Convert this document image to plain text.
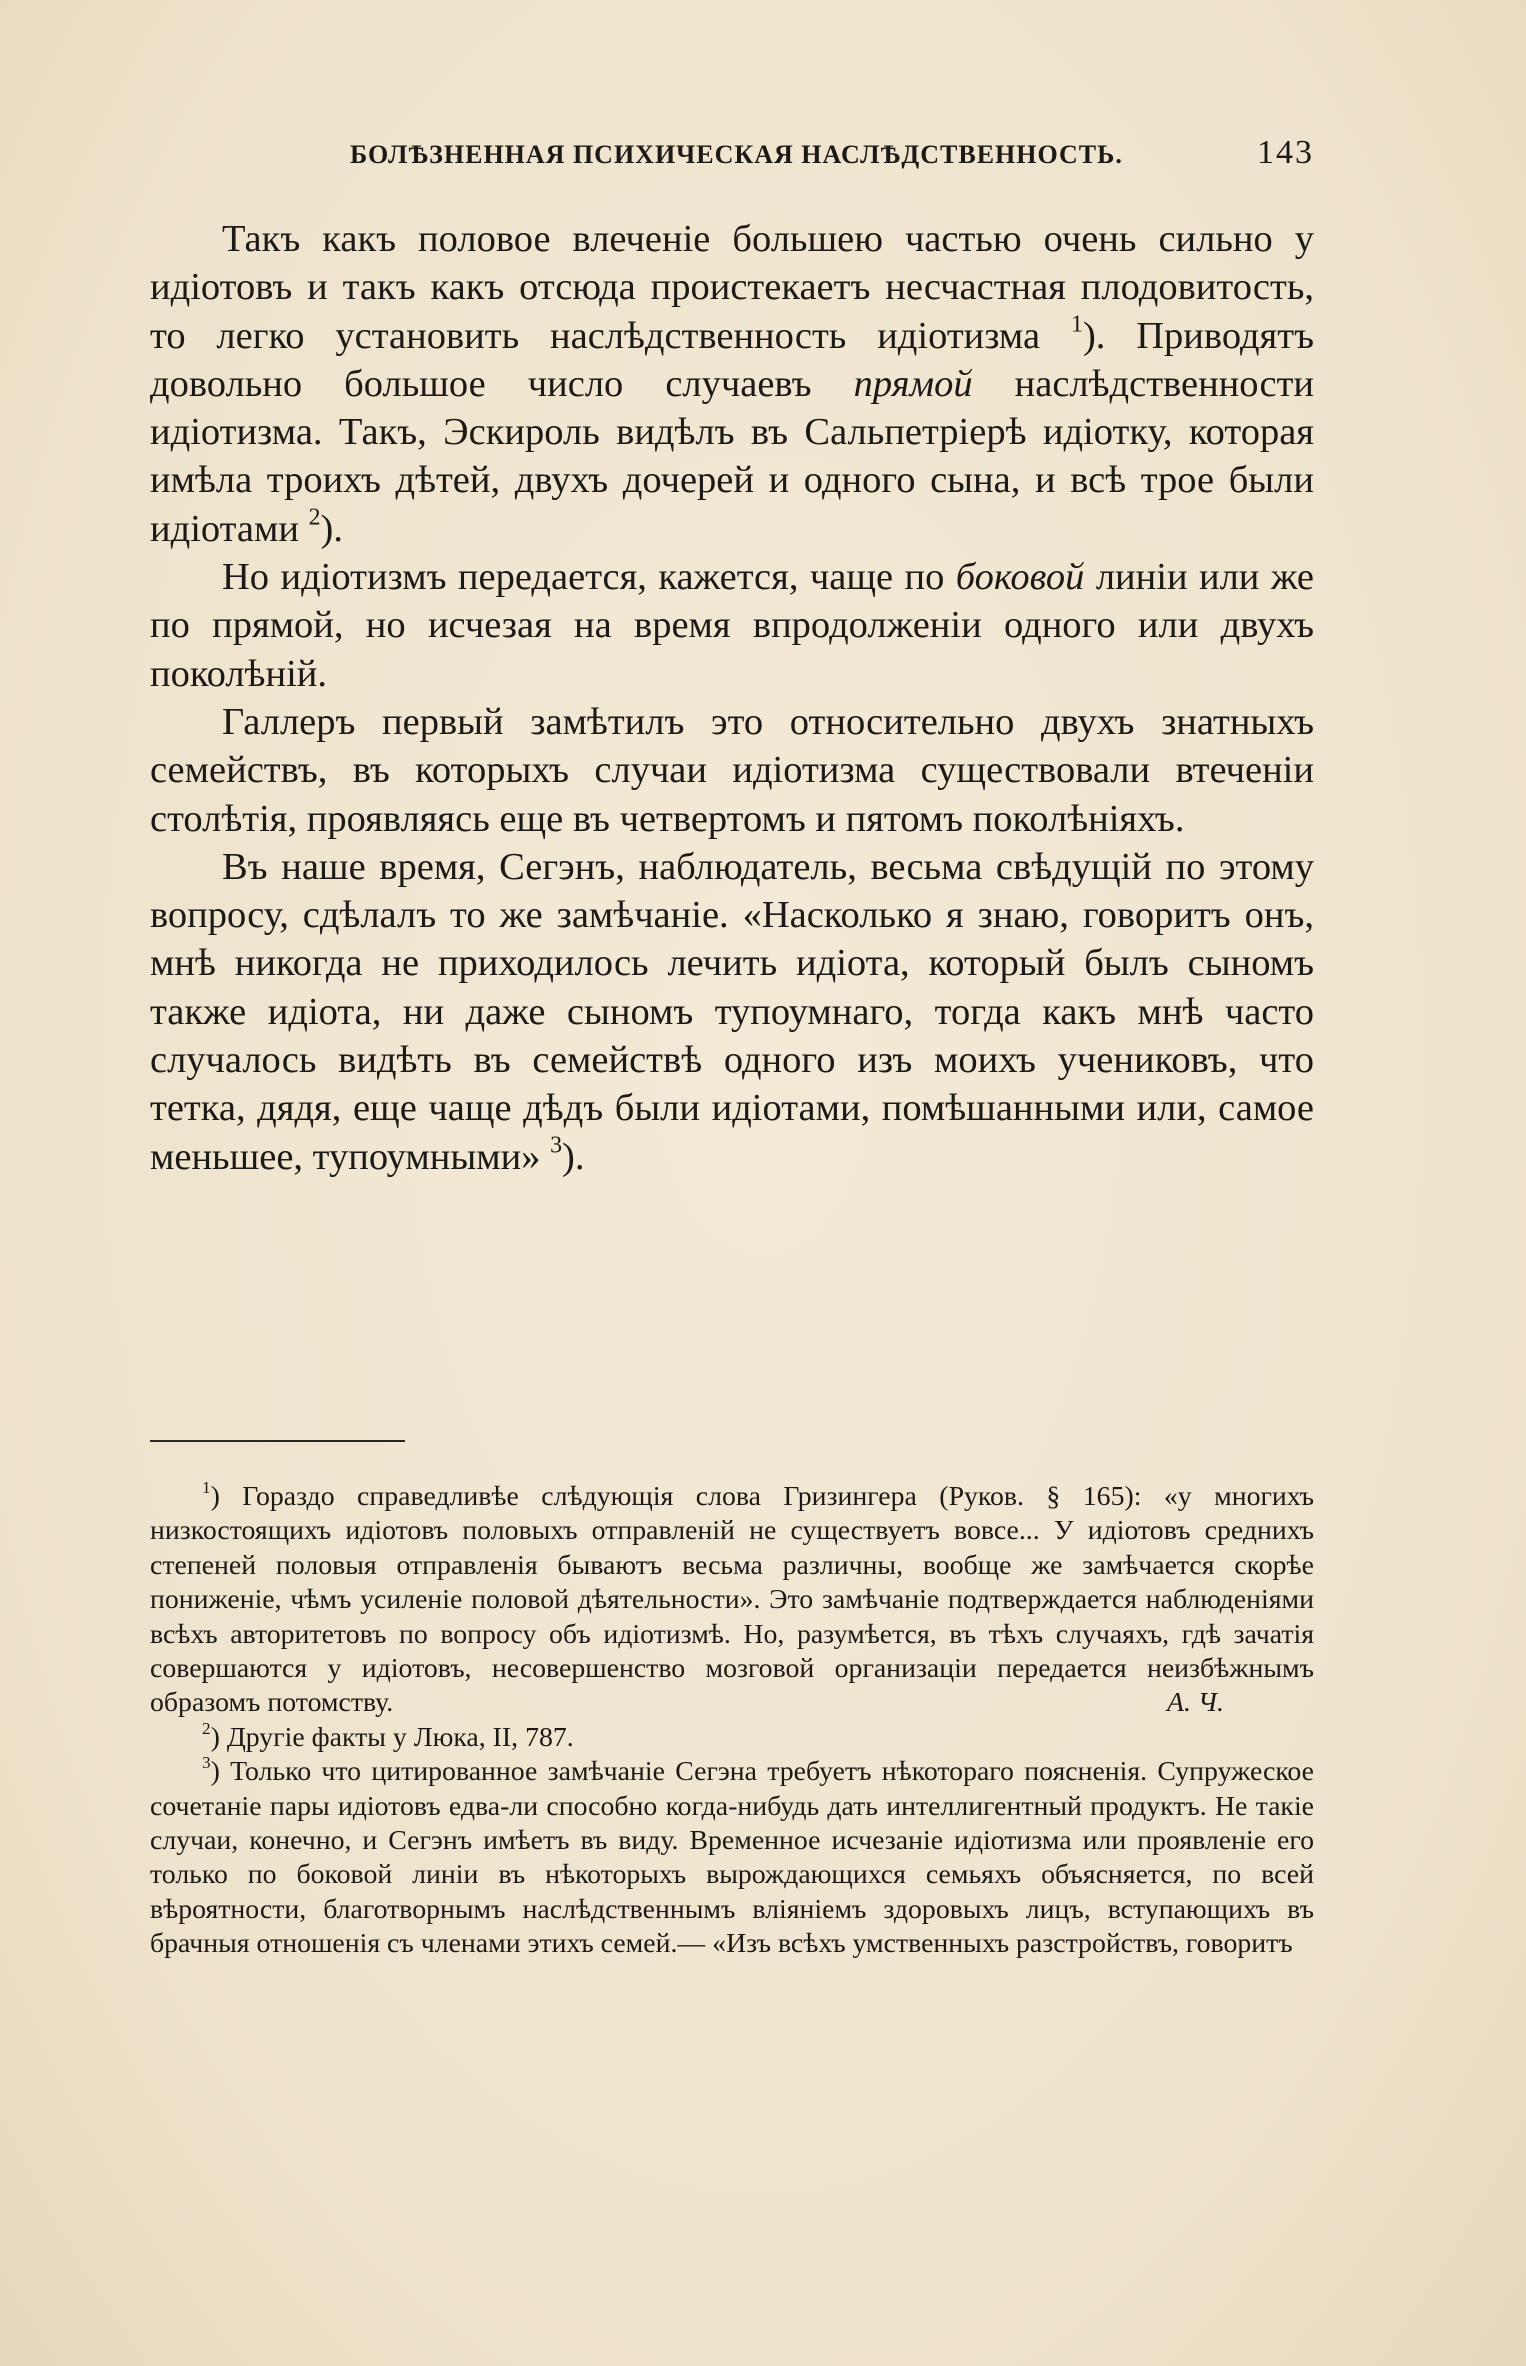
БОЛѢЗНЕННАЯ ПСИХИЧЕСКАЯ НАСЛѢДСТВЕННОСТЬ.	143

Такъ какъ половое влеченіе большею частью очень сильно у идіотовъ и такъ какъ отсюда проистекаетъ несчастная плодовитость, то легко установить наслѣдственность идіотизма $^1$). Приводятъ довольно большое число случаевъ прямой наслѣдственности идіотизма. Такъ, Эскироль видѣлъ въ Сальпетріерѣ идіотку, которая имѣла троихъ дѣтей, двухъ дочерей и одного сына, и всѣ трое были идіотами $^2$).

Но идіотизмъ передается, кажется, чаще по боковой линіи или же по прямой, но исчезая на время впродолженіи одного или двухъ поколѣній.

Галлеръ первый замѣтилъ это относительно двухъ знатныхъ семействъ, въ которыхъ случаи идіотизма существовали втеченіи столѣтія, проявляясь еще въ четвертомъ и пятомъ поколѣніяхъ.

Въ наше время, Сегэнъ, наблюдатель, весьма свѣдущій по этому вопросу, сдѣлалъ то же замѣчаніе. «Насколько я знаю, говоритъ онъ, мнѣ никогда не приходилось лечить идіота, который былъ сыномъ также идіота, ни даже сыномъ тупоумнаго, тогда какъ мнѣ часто случалось видѣть въ семействѣ одного изъ моихъ учениковъ, что тетка, дядя, еще чаще дѣдъ были идіотами, помѣшанными или, самое меньшее, тупоумными» $^3$).

$^1$) Гораздо справедливѣе слѣдующія слова Гризингера (Руков. § 165): «у многихъ низкостоящихъ идіотовъ половыхъ отправленій не существуетъ вовсе... У идіотовъ среднихъ степеней половыя отправленія бываютъ весьма различны, вообще же замѣчается скорѣе пониженіе, чѣмъ усиленіе половой дѣятельности». Это замѣчаніе подтверждается наблюденіями всѣхъ авторитетовъ по вопросу объ идіотизмѣ. Но, разумѣется, въ тѣхъ случаяхъ, гдѣ зачатія совершаются у идіотовъ, несовершенство мозговой организаціи передается неизбѣжнымъ образомъ потомству.	А. Ч.

$^2$) Другіе факты у Люка, II, 787.

$^3$) Только что цитированное замѣчаніе Сегэна требуетъ нѣкотораго поясненія. Супружеское сочетаніе пары идіотовъ едва-ли способно когда-нибудь дать интеллигентный продуктъ. Не такіе случаи, конечно, и Сегэнъ имѣетъ въ виду. Временное исчезаніе идіотизма или проявленіе его только по боковой линіи въ нѣкоторыхъ вырождающихся семьяхъ объясняется, по всей вѣроятности, благотворнымъ наслѣдственнымъ вліяніемъ здоровыхъ лицъ, вступающихъ въ брачныя отношенія съ членами этихъ семей.— «Изъ всѣхъ умственныхъ разстройствъ, говоритъ
